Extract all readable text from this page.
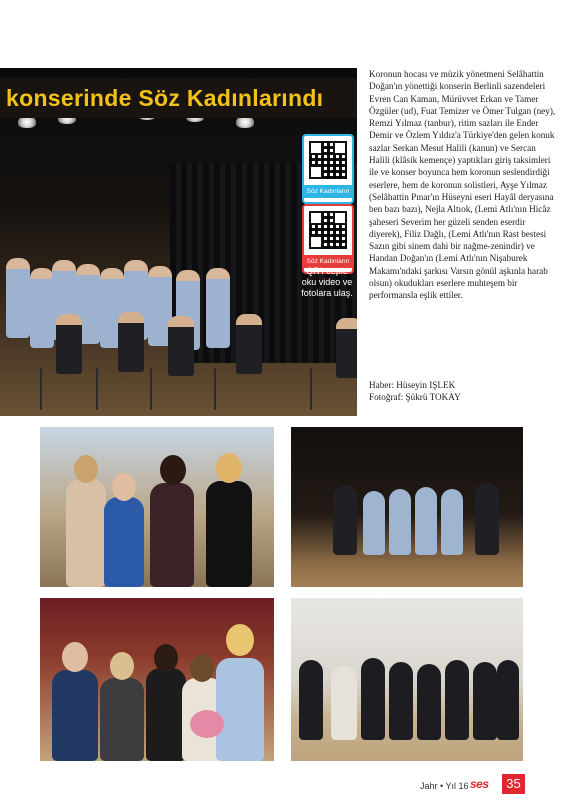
Söz Kadınların
Söz Kadınların
konserinde Söz Kadınlarındı
QR'ı ceple oku video ve fotolara ulaş.
Koronun hocası ve müzik yönetmeni Selâhattin Doğan'ın yönettiği konserin Berlinli sazendeleri Evren Can Kaman, Mürüvvet Erkan ve Tamer Özgüler (ud), Fuat Temizer ve Ömer Tulgan (ney), Remzi Yılmaz (tanbur), ritim sazları ile Ender Demir ve Özlem Yıldız'a Türkiye'den gelen konuk sazlar Serkan Mesut Halili (kanun) ve Sercan Halili (klâsik kemençe) yaptıkları giriş taksimleri ile ve konser boyunca hem koronun seslendirdiği eserlere, hem de koronun solistleri, Ayşe Yılmaz (Selâhattin Pınar'ın Hüseyni eseri Hayâl deryasına ben bazı bazı), Nejla Altıok, (Lemi Atlı'nın Hicâz şaheseri Severim her güzeli senden eserdir diyerek), Filiz Dağlı, (Lemi Atlı'nın Rast bestesi Sazın gibi sinem dahi bir nağme-zenindir) ve Handan Doğan'ın (Lemi Atlı'nın Nişaburek Makamı'ndaki şarkısı Varsın gönül aşkınla harab olsun) okudukları eserlere muhteşem bir performansla eşlik ettiler.
Haber: Hüseyin IŞLEK
Fotoğraf: Şükrü TOKAY
Jahr • Yıl 16 ses	35
